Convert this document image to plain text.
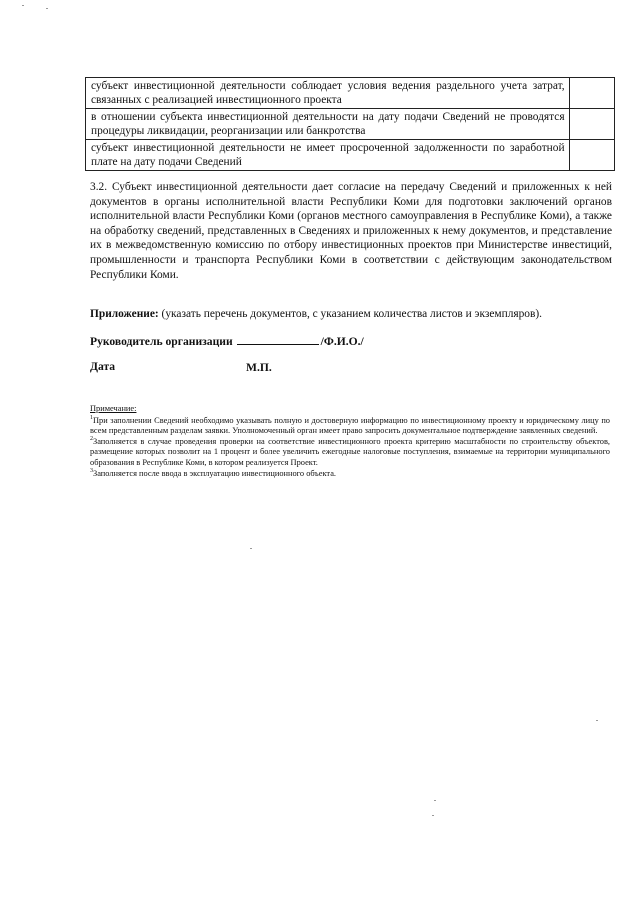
субъект инвестиционной деятельности соблюдает условия ведения раздельного учета затрат, связанных с реализацией инвестиционного проекта	
в отношении субъекта инвестиционной деятельности на дату подачи Сведений не проводятся процедуры ликвидации, реорганизации или банкротства	
субъект инвестиционной деятельности не имеет просроченной задолженности по заработной плате на дату подачи Сведений	
3.2. Субъект инвестиционной деятельности дает согласие на передачу Сведений и приложенных к ней документов в органы исполнительной власти Республики Коми для подготовки заключений органов исполнительной власти Республики Коми (органов местного самоуправления в Республике Коми), а также на обработку сведений, представленных в Сведениях и приложенных к нему документов, и представление их в межведомственную комиссию по отбору инвестиционных проектов при Министерстве инвестиций, промышленности и транспорта Республики Коми в соответствии с действующим законодательством Республики Коми.
Приложение: (указать перечень документов, с указанием количества листов и экземпляров).
Руководитель организации	/Ф.И.О./
Дата	М.П.
Примечание:

$^1$При заполнении Сведений необходимо указывать полную и достоверную информацию по инвестиционному проекту и юридическому лицу по всем представленным разделам заявки. Уполномоченный орган имеет право запросить документальное подтверждение заявленных сведений.

$^2$Заполняется в случае проведения проверки на соответствие инвестиционного проекта критерию масштабности по строительству объектов, размещение которых позволит на 1 процент и более увеличить ежегодные налоговые поступления, взимаемые на территории муниципального образования в Республике Коми, в котором реализуется Проект.

$^3$Заполняется после ввода в эксплуатацию инвестиционного объекта.
